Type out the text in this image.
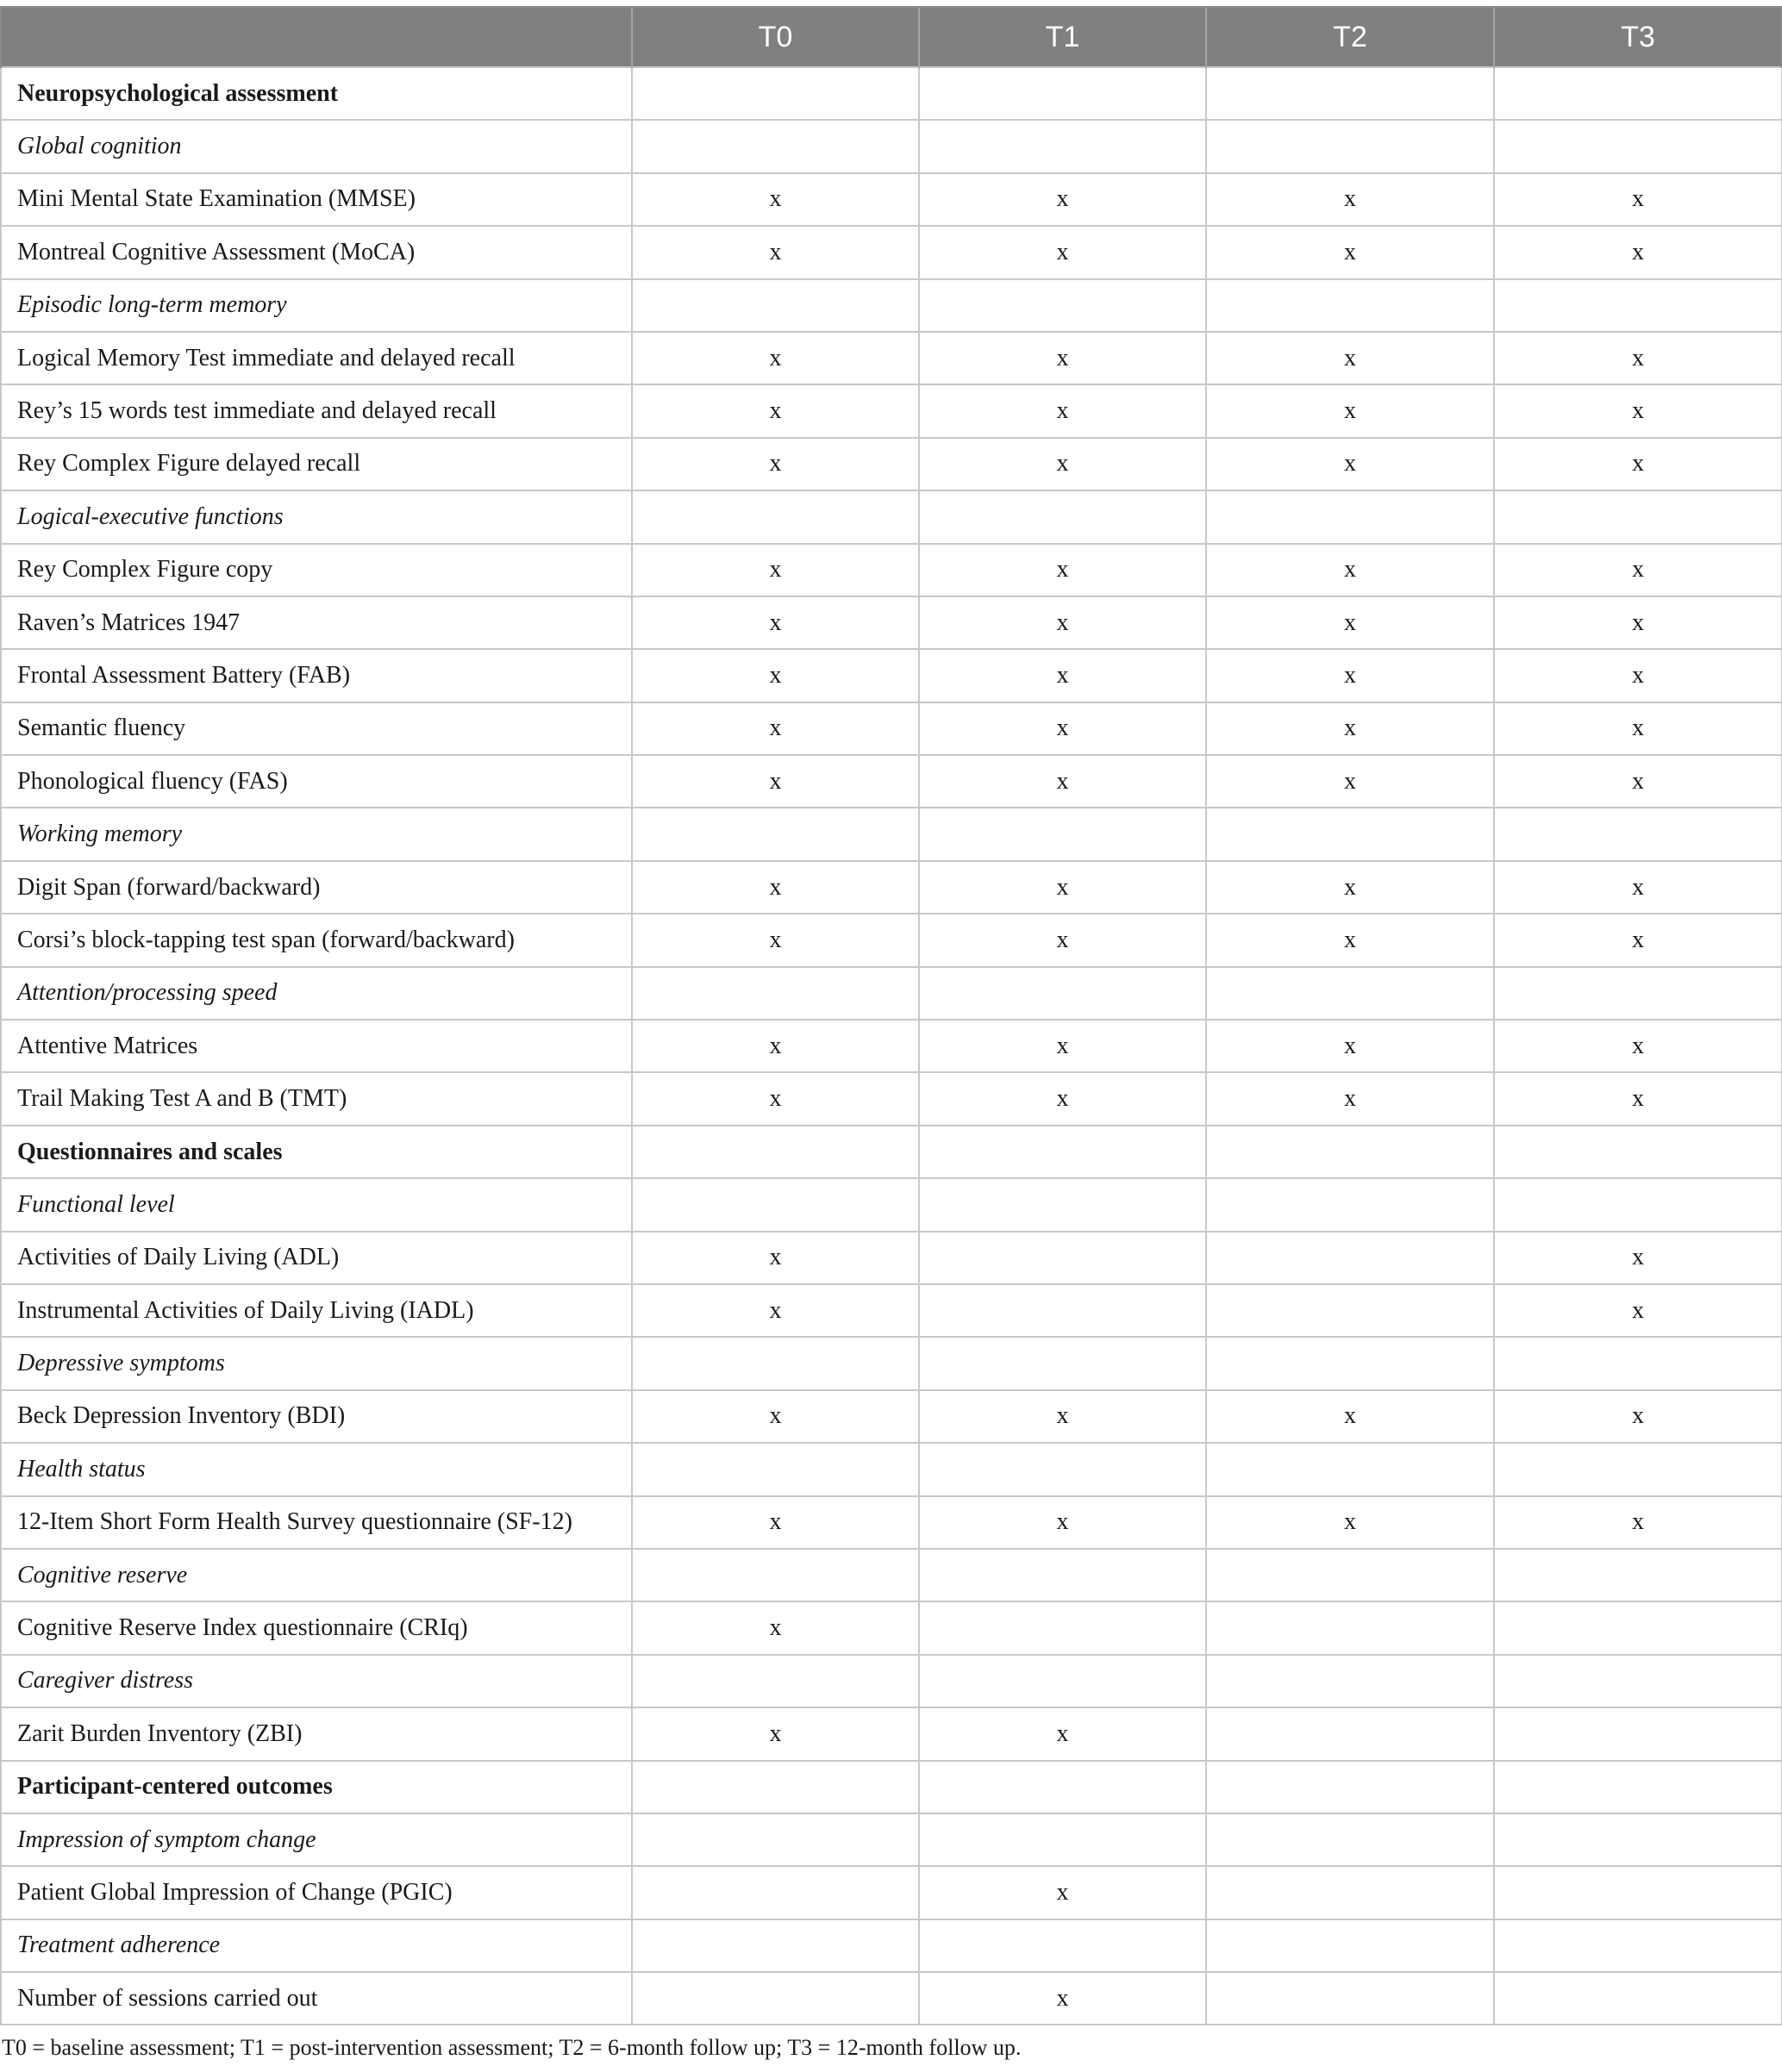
	T0	T1	T2	T3
Neuropsychological assessment				
Global cognition				
Mini Mental State Examination (MMSE)	x	x	x	x
Montreal Cognitive Assessment (MoCA)	x	x	x	x
Episodic long-term memory				
Logical Memory Test immediate and delayed recall	x	x	x	x
Rey’s 15 words test immediate and delayed recall	x	x	x	x
Rey Complex Figure delayed recall	x	x	x	x
Logical-executive functions				
Rey Complex Figure copy	x	x	x	x
Raven’s Matrices 1947	x	x	x	x
Frontal Assessment Battery (FAB)	x	x	x	x
Semantic fluency	x	x	x	x
Phonological fluency (FAS)	x	x	x	x
Working memory				
Digit Span (forward/backward)	x	x	x	x
Corsi’s block-tapping test span (forward/backward)	x	x	x	x
Attention/processing speed				
Attentive Matrices	x	x	x	x
Trail Making Test A and B (TMT)	x	x	x	x
Questionnaires and scales				
Functional level				
Activities of Daily Living (ADL)	x			x
Instrumental Activities of Daily Living (IADL)	x			x
Depressive symptoms				
Beck Depression Inventory (BDI)	x	x	x	x
Health status				
12-Item Short Form Health Survey questionnaire (SF-12)	x	x	x	x
Cognitive reserve				
Cognitive Reserve Index questionnaire (CRIq)	x			
Caregiver distress				
Zarit Burden Inventory (ZBI)	x	x		
Participant-centered outcomes				
Impression of symptom change				
Patient Global Impression of Change (PGIC)		x		
Treatment adherence				
Number of sessions carried out		x		
T0 = baseline assessment; T1 = post-intervention assessment; T2 = 6-month follow up; T3 = 12-month follow up.
